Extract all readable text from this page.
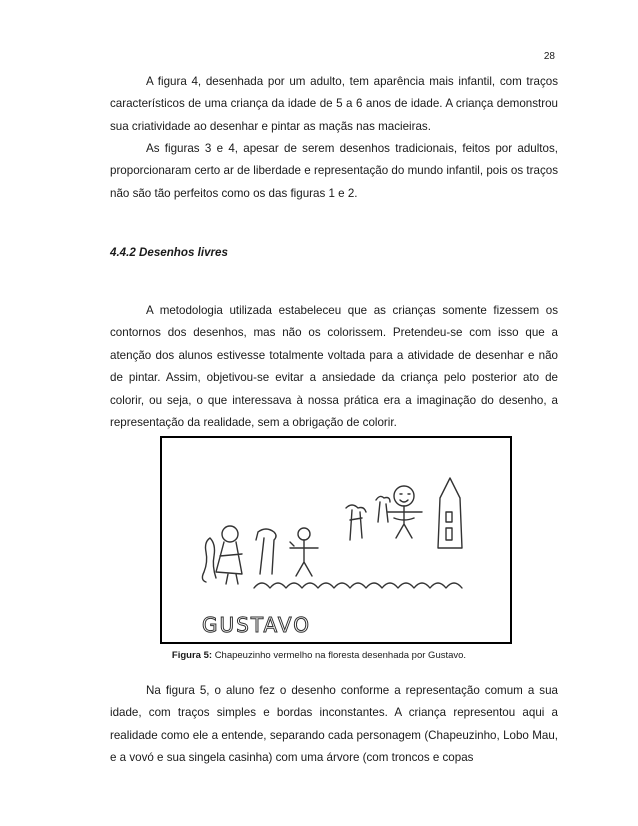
28

A figura 4, desenhada por um adulto, tem aparência mais infantil, com traços característicos de uma criança da idade de 5 a 6 anos de idade. A criança demonstrou sua criatividade ao desenhar e pintar as maçãs nas macieiras.

As figuras 3 e 4, apesar de serem desenhos tradicionais, feitos por adultos, proporcionaram certo ar de liberdade e representação do mundo infantil, pois os traços não são tão perfeitos como os das figuras 1 e 2.

4.4.2 Desenhos livres

A metodologia utilizada estabeleceu que as crianças somente fizessem os contornos dos desenhos, mas não os colorissem. Pretendeu-se com isso que a atenção dos alunos estivesse totalmente voltada para a atividade de desenhar e não de pintar. Assim, objetivou-se evitar a ansiedade da criança pelo posterior ato de colorir, ou seja, o que interessava à nossa prática era a imaginação do desenho, a representação da realidade, sem a obrigação de colorir.

GUSTAVO
Figura 5: Chapeuzinho vermelho na floresta desenhada por Gustavo.

Na figura 5, o aluno fez o desenho conforme a representação comum a sua idade, com traços simples e bordas inconstantes. A criança representou aqui a realidade como ele a entende, separando cada personagem (Chapeuzinho, Lobo Mau, e a vovó e sua singela casinha) com uma árvore (com troncos e copas
